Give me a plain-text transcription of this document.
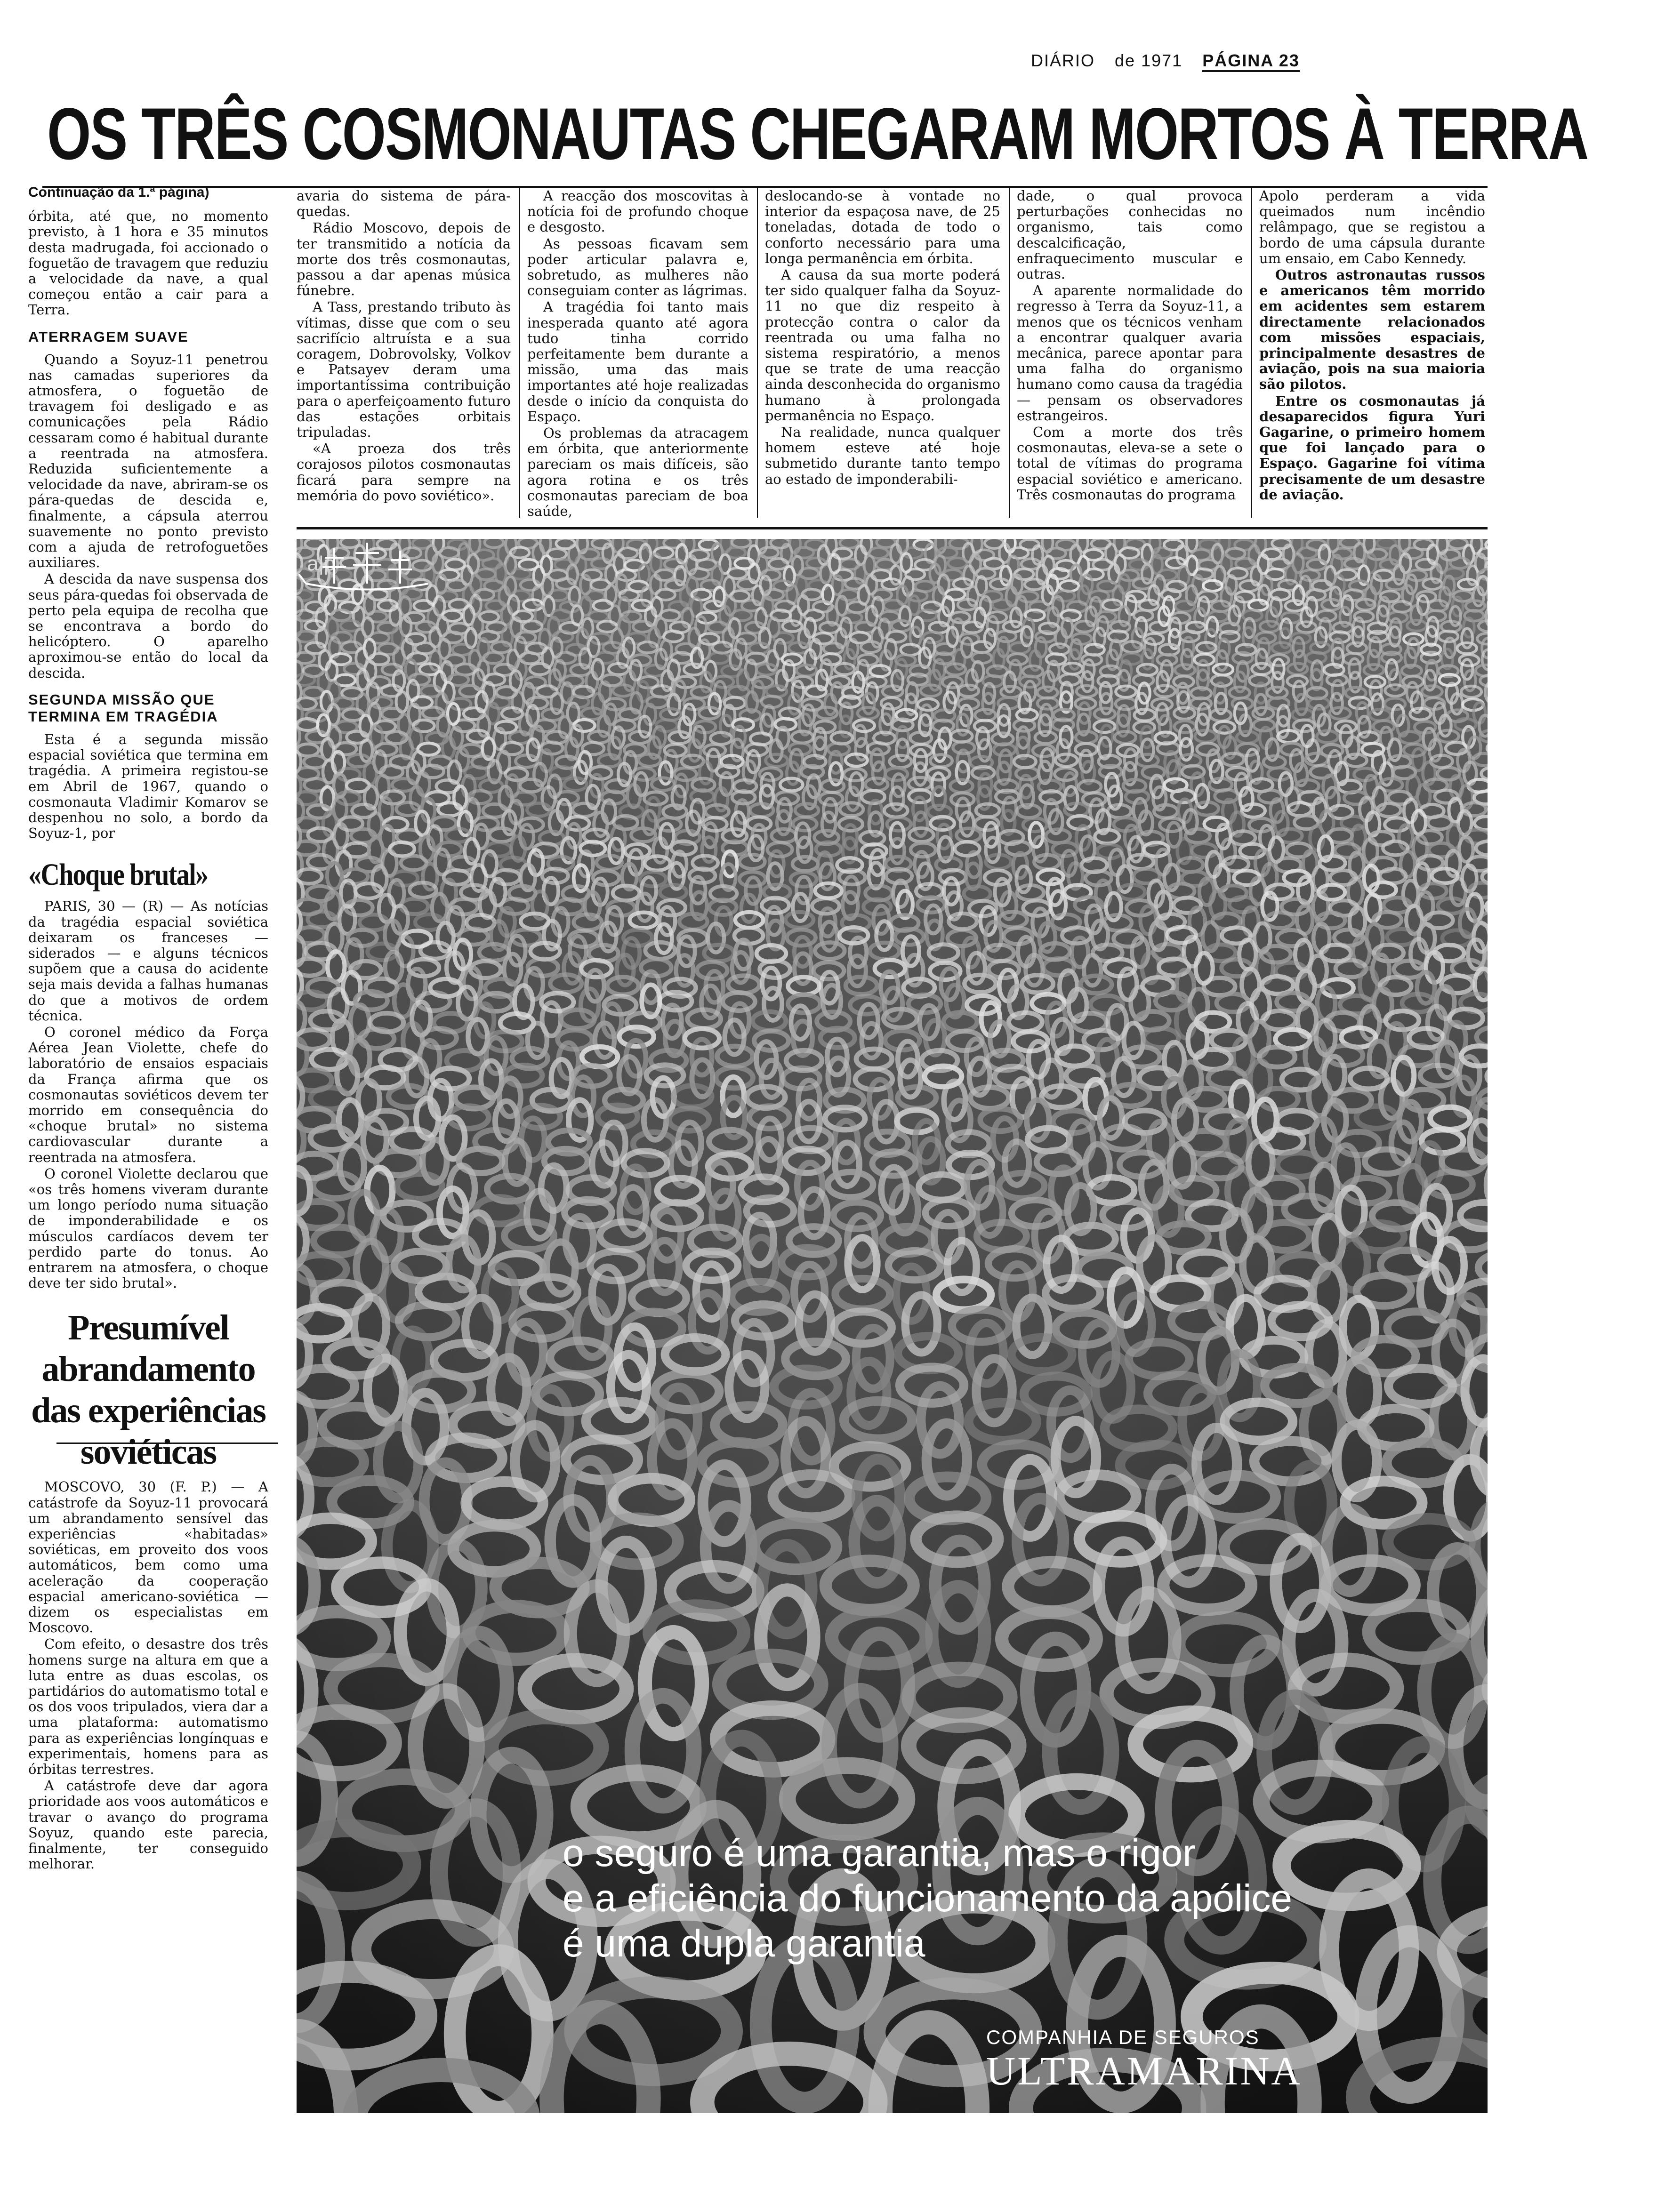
DIÁRIO de 1971 PÁGINA 23
OS TRÊS COSMONAUTAS CHEGARAM MORTOS À TERRA
Continuação da 1.ª página)

órbita, até que, no momento previsto, à 1 hora e 35 minutos desta madrugada, foi accionado o foguetão de travagem que reduziu a velocidade da nave, a qual começou então a cair para a Terra.

ATERRAGEM SUAVE

Quando a Soyuz-11 penetrou nas camadas superiores da atmosfera, o foguetão de travagem foi desligado e as comunicações pela Rádio cessaram como é habitual durante a reentrada na atmosfera. Reduzida suficientemente a velocidade da nave, abriram-se os pára-quedas de descida e, finalmente, a cápsula aterrou suavemente no ponto previsto com a ajuda de retrofoguetões auxiliares.

A descida da nave suspensa dos seus pára-quedas foi observada de perto pela equipa de recolha que se encontrava a bordo do helicóptero. O aparelho aproximou-se então do local da descida.

SEGUNDA MISSÃO QUE TERMINA EM TRAGÉDIA

Esta é a segunda missão espacial soviética que termina em tragédia. A primeira registou-se em Abril de 1967, quando o cosmonauta Vladimir Komarov se despenhou no solo, a bordo da Soyuz-1, por

«Choque brutal»

PARIS, 30 — (R) — As notícias da tragédia espacial soviética deixaram os franceses — siderados — e alguns técnicos supõem que a causa do acidente seja mais devida a falhas humanas do que a motivos de ordem técnica.

O coronel médico da Força Aérea Jean Violette, chefe do laboratório de ensaios espaciais da França afirma que os cosmonautas soviéticos devem ter morrido em consequência do «choque brutal» no sistema cardiovascular durante a reentrada na atmosfera.

O coronel Violette declarou que «os três homens viveram durante um longo período numa situação de imponderabilidade e os músculos cardíacos devem ter perdido parte do tonus. Ao entrarem na atmosfera, o choque deve ter sido brutal».

Presumível abrandamento das experiências soviéticas

MOSCOVO, 30 (F. P.) — A catástrofe da Soyuz-11 provocará um abrandamento sensível das experiências «habitadas» soviéticas, em proveito dos voos automáticos, bem como uma aceleração da cooperação espacial americano-soviética — dizem os especialistas em Moscovo.

Com efeito, o desastre dos três homens surge na altura em que a luta entre as duas escolas, os partidários do automatismo total e os dos voos tripulados, viera dar a uma plataforma: automatismo para as experiências longínquas e experimentais, homens para as órbitas terrestres.

A catástrofe deve dar agora prioridade aos voos automáticos e travar o avanço do programa Soyuz, quando este parecia, finalmente, ter conseguido melhorar.

avaria do sistema de pára-quedas.

Rádio Moscovo, depois de ter transmitido a notícia da morte dos três cosmonautas, passou a dar apenas música fúnebre.

A Tass, prestando tributo às vítimas, disse que com o seu sacrifício altruísta e a sua coragem, Dobrovolsky, Volkov e Patsayev deram uma importantíssima contribuição para o aperfeiçoamento futuro das estações orbitais tripuladas.

«A proeza dos três corajosos pilotos cosmonautas ficará para sempre na memória do povo soviético».

A reacção dos moscovitas à notícia foi de profundo choque e desgosto.

As pessoas ficavam sem poder articular palavra e, sobretudo, as mulheres não conseguiam conter as lágrimas.

A tragédia foi tanto mais inesperada quanto até agora tudo tinha corrido perfeitamente bem durante a missão, uma das mais importantes até hoje realizadas desde o início da conquista do Espaço.

Os problemas da atracagem em órbita, que anteriormente pareciam os mais difíceis, são agora rotina e os três cosmonautas pareciam de boa saúde,

deslocando-se à vontade no interior da espaçosa nave, de 25 toneladas, dotada de todo o conforto necessário para uma longa permanência em órbita.

A causa da sua morte poderá ter sido qualquer falha da Soyuz-11 no que diz respeito à protecção contra o calor da reentrada ou uma falha no sistema respiratório, a menos que se trate de uma reacção ainda desconhecida do organismo humano à prolongada permanência no Espaço.

Na realidade, nunca qualquer homem esteve até hoje submetido durante tanto tempo ao estado de imponderabili-

dade, o qual provoca perturbações conhecidas no organismo, tais como descalcificação, enfraquecimento muscular e outras.

A aparente normalidade do regresso à Terra da Soyuz-11, a menos que os técnicos venham a encontrar qualquer avaria mecânica, parece apontar para uma falha do organismo humano como causa da tragédia — pensam os observadores estrangeiros.

Com a morte dos três cosmonautas, eleva-se a sete o total de vítimas do programa espacial soviético e americano. Três cosmonautas do programa

Apolo perderam a vida queimados num incêndio relâmpago, que se registou a bordo de uma cápsula durante um ensaio, em Cabo Kennedy.

Outros astronautas russos e americanos têm morrido em acidentes sem estarem directamente relacionados com missões espaciais, principalmente desastres de aviação, pois na sua maioria são pilotos.

Entre os cosmonautas já desaparecidos figura Yuri Gagarine, o primeiro homem que foi lançado para o Espaço. Gagarine foi vítima precisamente de um desastre de aviação.

a|p
o seguro é uma garantia, mas o rigor
e a eficiência do funcionamento da apólice
é uma dupla garantia
COMPANHIA DE SEGUROS
ULTRAMARINA
